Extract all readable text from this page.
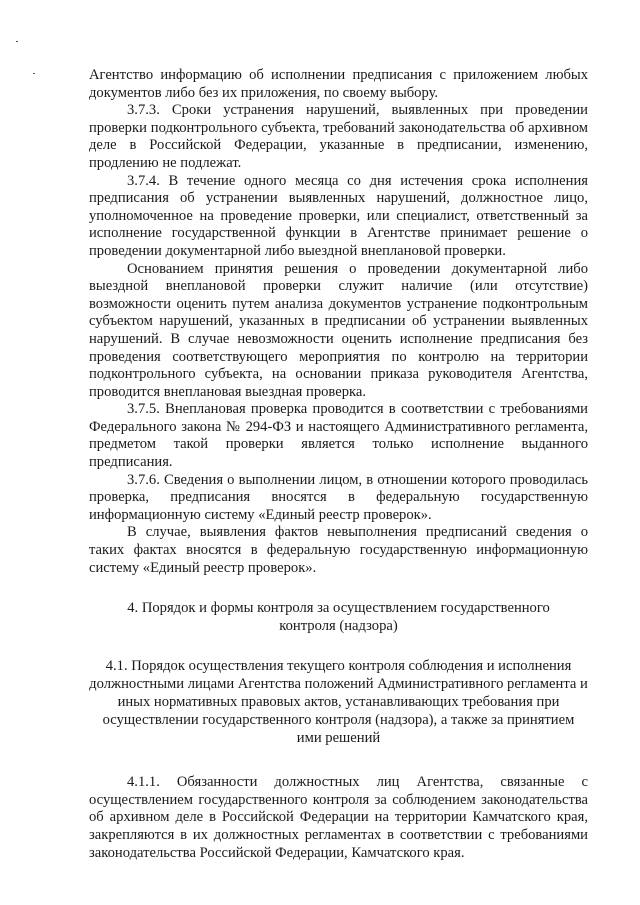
Агентство информацию об исполнении предписания с приложением любых документов либо без их приложения, по своему выбору.

3.7.3. Сроки устранения нарушений, выявленных при проведении проверки подконтрольного субъекта, требований законодательства об архивном деле в Российской Федерации, указанные в предписании, изменению, продлению не подлежат.

3.7.4. В течение одного месяца со дня истечения срока исполнения предписания об устранении выявленных нарушений, должностное лицо, уполномоченное на проведение проверки, или специалист, ответственный за исполнение государственной функции в Агентстве принимает решение о проведении документарной либо выездной внеплановой проверки.

Основанием принятия решения о проведении документарной либо выездной внеплановой проверки служит наличие (или отсутствие) возможности оценить путем анализа документов устранение подконтрольным субъектом нарушений, указанных в предписании об устранении выявленных нарушений. В случае невозможности оценить исполнение предписания без проведения соответствующего мероприятия по контролю на территории подконтрольного субъекта, на основании приказа руководителя Агентства, проводится внеплановая выездная проверка.

3.7.5. Внеплановая проверка проводится в соответствии с требованиями Федерального закона № 294-ФЗ и настоящего Административного регламента, предметом такой проверки является только исполнение выданного предписания.

3.7.6. Сведения о выполнении лицом, в отношении которого проводилась проверка, предписания вносятся в федеральную государственную информационную систему «Единый реестр проверок».

В случае, выявления фактов невыполнения предписаний сведения о таких фактах вносятся в федеральную государственную информационную систему «Единый реестр проверок».

4. Порядок и формы контроля за осуществлением государственного контроля (надзора)

4.1. Порядок осуществления текущего контроля соблюдения и исполнения должностными лицами Агентства положений Административного регламента и иных нормативных правовых актов, устанавливающих требования при осуществлении государственного контроля (надзора), а также за принятием ими решений

4.1.1. Обязанности должностных лиц Агентства, связанные с осуществлением государственного контроля за соблюдением законодательства об архивном деле в Российской Федерации на территории Камчатского края, закрепляются в их должностных регламентах в соответствии с требованиями законодательства Российской Федерации, Камчатского края.
